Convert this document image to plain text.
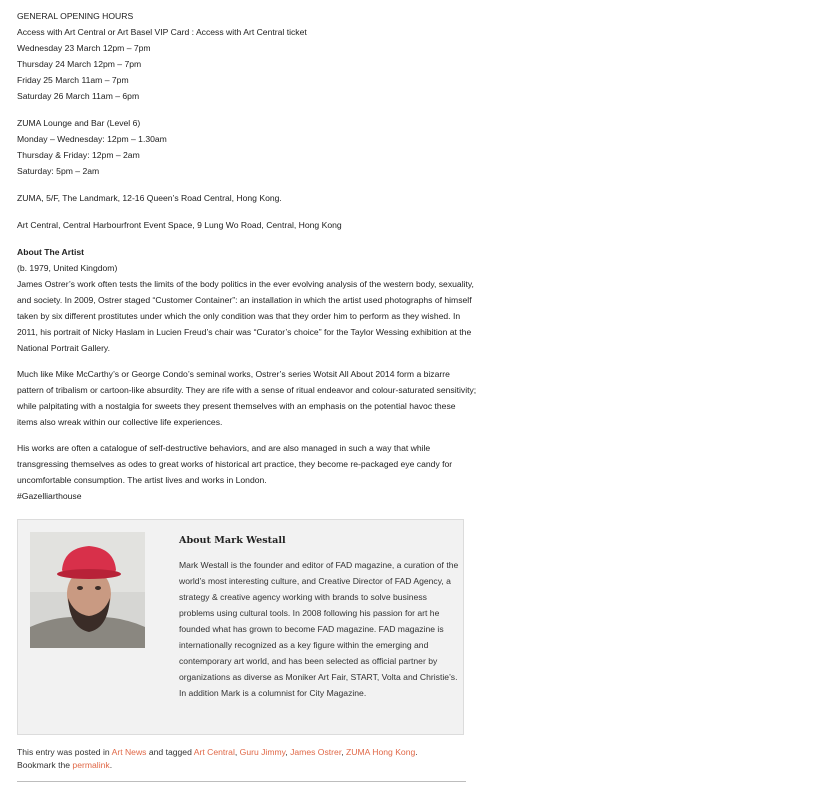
GENERAL OPENING HOURS
Access with Art Central or Art Basel VIP Card : Access with Art Central ticket
Wednesday 23 March 12pm – 7pm
Thursday 24 March 12pm – 7pm
Friday 25 March 11am – 7pm
Saturday 26 March 11am – 6pm
ZUMA Lounge and Bar (Level 6)
Monday – Wednesday: 12pm – 1.30am
Thursday & Friday: 12pm – 2am
Saturday: 5pm – 2am
ZUMA, 5/F, The Landmark, 12-16 Queen’s Road Central, Hong Kong.
Art Central, Central Harbourfront Event Space, 9 Lung Wo Road, Central, Hong Kong
About The Artist
(b. 1979, United Kingdom)
James Ostrer’s work often tests the limits of the body politics in the ever evolving analysis of the western body, sexuality, and society. In 2009, Ostrer staged “Customer Container”: an installation in which the artist used photographs of himself taken by six different prostitutes under which the only condition was that they order him to perform as they wished. In 2011, his portrait of Nicky Haslam in Lucien Freud’s chair was “Curator’s choice” for the Taylor Wessing exhibition at the National Portrait Gallery.
Much like Mike McCarthy’s or George Condo’s seminal works, Ostrer’s series Wotsit All About 2014 form a bizarre pattern of tribalism or cartoon-like absurdity. They are rife with a sense of ritual endeavor and colour-saturated sensitivity; while palpitating with a nostalgia for sweets they present themselves with an emphasis on the potential havoc these items also wreak within our collective life experiences.
His works are often a catalogue of self-destructive behaviors, and are also managed in such a way that while transgressing themselves as odes to great works of historical art practice, they become re-packaged eye candy for uncomfortable consumption. The artist lives and works in London.
#Gazelliarthouse
About Mark Westall
Mark Westall is the founder and editor of FAD magazine, a curation of the world’s most interesting culture, and Creative Director of FAD Agency, a strategy & creative agency working with brands to solve business problems using cultural tools. In 2008 following his passion for art he founded what has grown to become FAD magazine. FAD magazine is internationally recognized as a key figure within the emerging and contemporary art world, and has been selected as official partner by organizations as diverse as Moniker Art Fair, START, Volta and Christie’s. In addition Mark is a columnist for City Magazine.
This entry was posted in Art News and tagged Art Central, Guru Jimmy, James Ostrer, ZUMA Hong Kong.
Bookmark the permalink.
